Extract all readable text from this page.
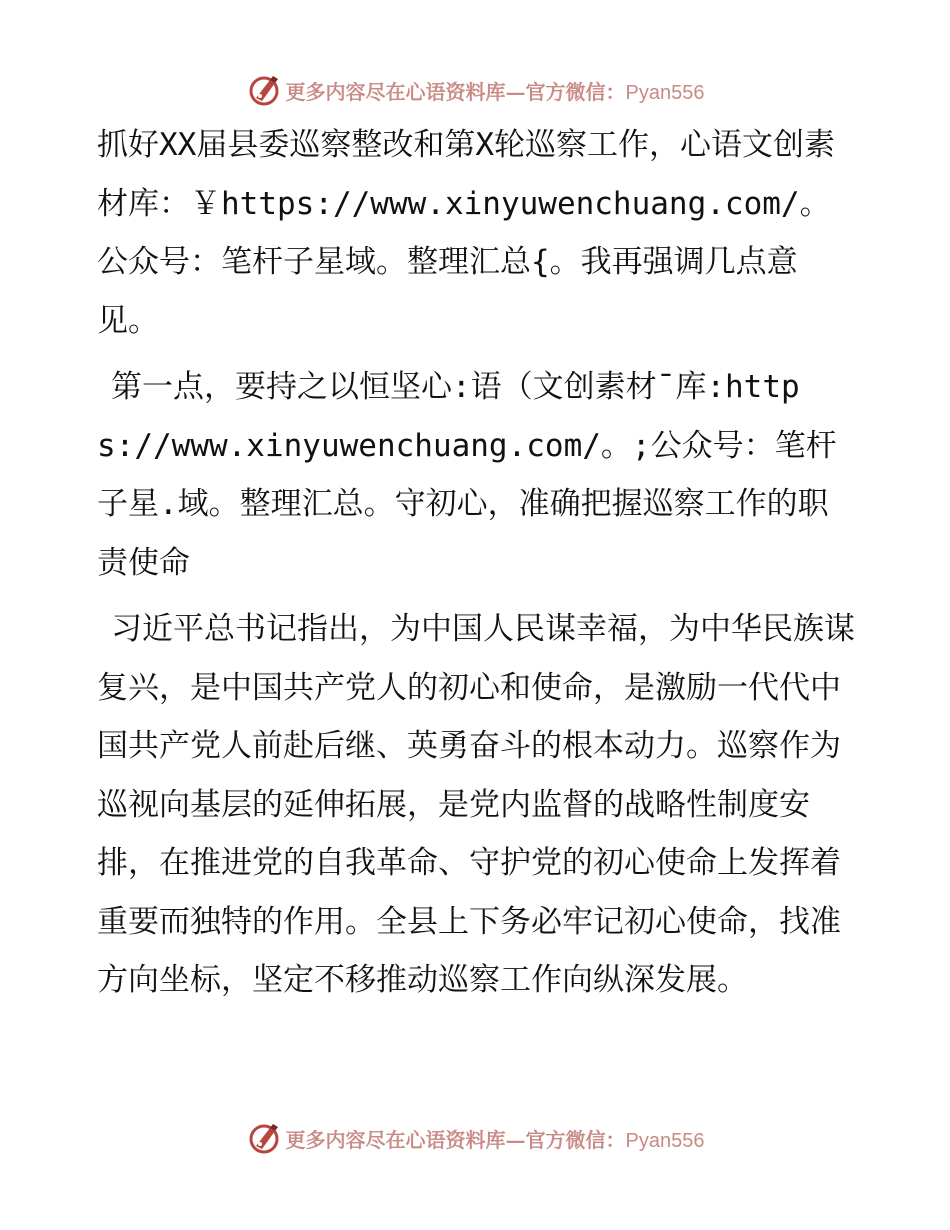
更多内容尽在心语资料库—官方微信：Pyan556

抓好XX届县委巡察整改和第X轮巡察工作，心语文创素材库：￥https://www.xinyuwenchuang.com/。公众号：笔杆子星域。整理汇总{。我再强调几点意见。

第一点，要持之以恒坚心:语（文创素材¯库:https://www.xinyuwenchuang.com/。;公众号：笔杆子星.域。整理汇总。守初心，准确把握巡察工作的职责使命

习近平总书记指出，为中国人民谋幸福，为中华民族谋复兴，是中国共产党人的初心和使命，是激励一代代中国共产党人前赴后继、英勇奋斗的根本动力。巡察作为巡视向基层的延伸拓展，是党内监督的战略性制度安排，在推进党的自我革命、守护党的初心使命上发挥着重要而独特的作用。全县上下务必牢记初心使命，找准方向坐标，坚定不移推动巡察工作向纵深发展。

更多内容尽在心语资料库—官方微信：Pyan556
